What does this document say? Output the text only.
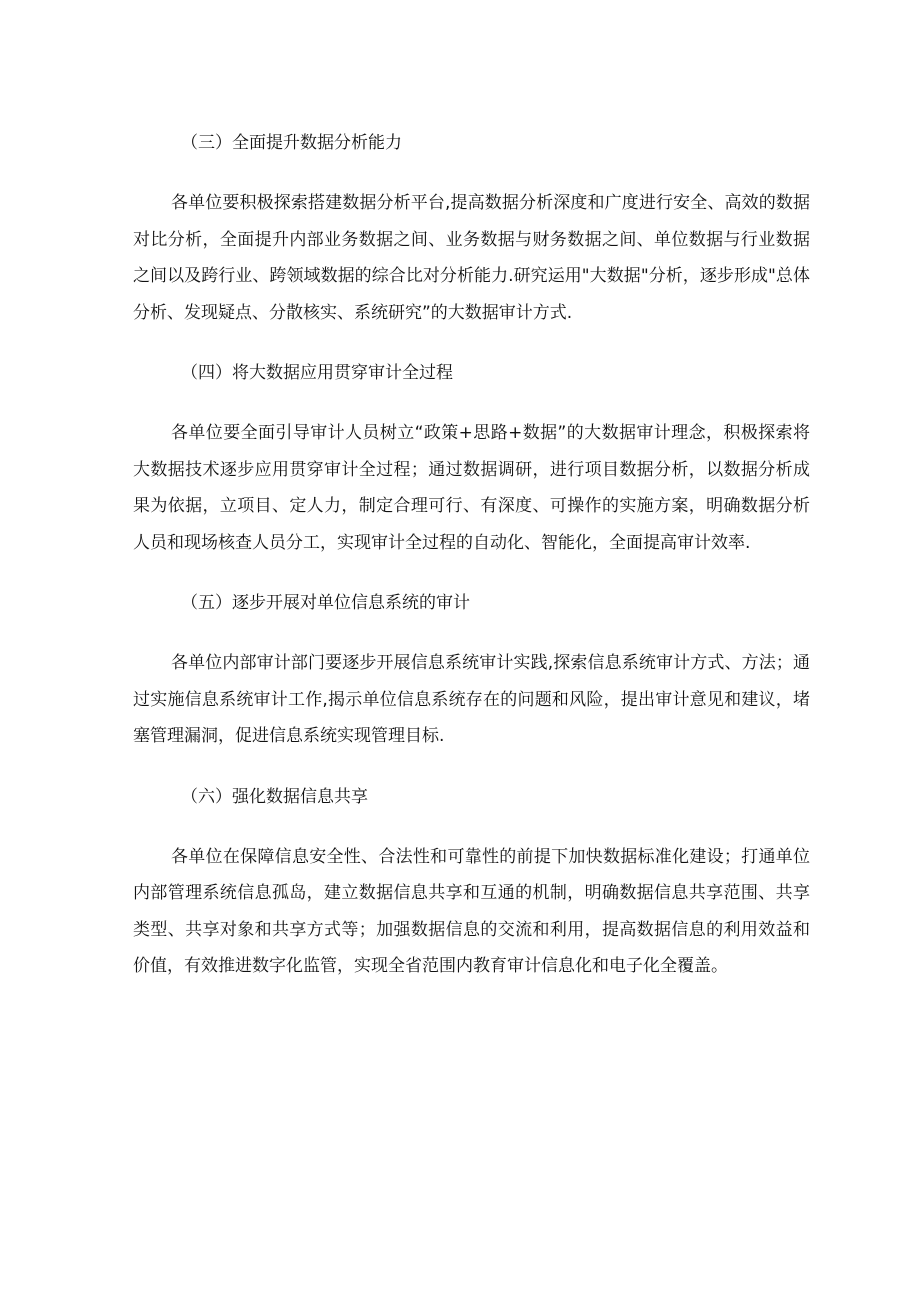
（三）全面提升数据分析能力
各单位要积极探索搭建数据分析平台,提高数据分析深度和广度进行安全、高效的数据对比分析，全面提升内部业务数据之间、业务数据与财务数据之间、单位数据与行业数据之间以及跨行业、跨领域数据的综合比对分析能力.研究运用"大数据"分析，逐步形成"总体分析、发现疑点、分散核实、系统研究”的大数据审计方式.
（四）将大数据应用贯穿审计全过程
各单位要全面引导审计人员树立“政策+思路+数据”的大数据审计理念，积极探索将大数据技术逐步应用贯穿审计全过程；通过数据调研，进行项目数据分析，以数据分析成果为依据，立项目、定人力，制定合理可行、有深度、可操作的实施方案，明确数据分析人员和现场核查人员分工，实现审计全过程的自动化、智能化，全面提高审计效率.
（五）逐步开展对单位信息系统的审计
各单位内部审计部门要逐步开展信息系统审计实践,探索信息系统审计方式、方法；通过实施信息系统审计工作,揭示单位信息系统存在的问题和风险，提出审计意见和建议，堵塞管理漏洞，促进信息系统实现管理目标.
（六）强化数据信息共享
各单位在保障信息安全性、合法性和可靠性的前提下加快数据标准化建设；打通单位内部管理系统信息孤岛，建立数据信息共享和互通的机制，明确数据信息共享范围、共享类型、共享对象和共享方式等；加强数据信息的交流和利用，提高数据信息的利用效益和价值，有效推进数字化监管，实现全省范围内教育审计信息化和电子化全覆盖。
